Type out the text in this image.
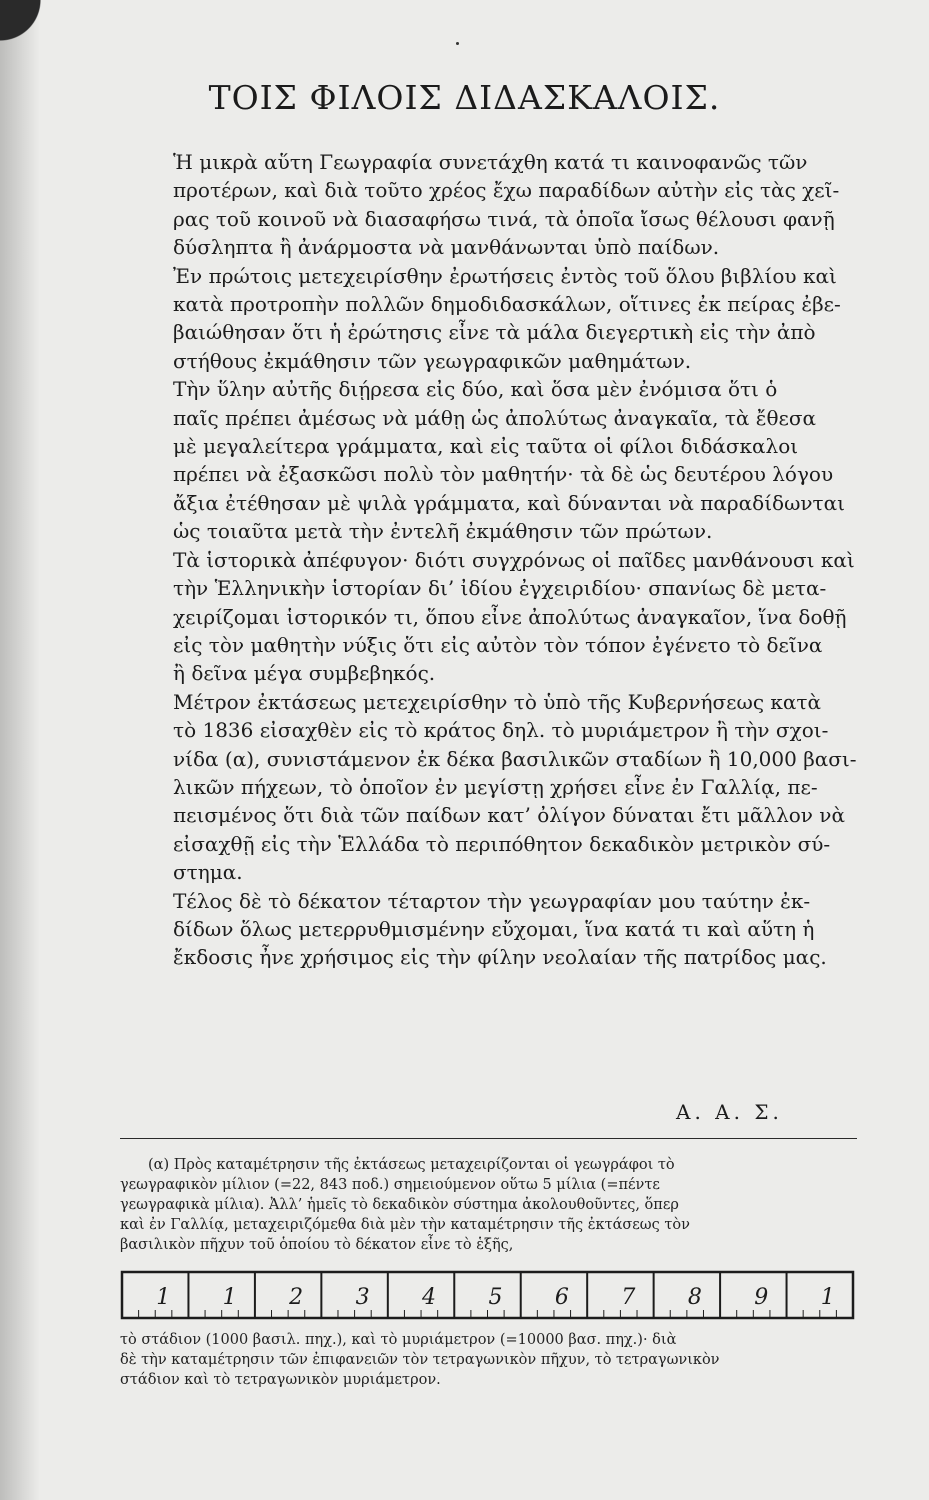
ΤΟΙΣ ΦΙΛΟΙΣ ΔΙΔΑΣΚΑΛΟΙΣ.

Ἡ μικρὰ αὕτη Γεωγραφία συνετάχθη κατά τι καινοφανῶς τῶν
προτέρων, καὶ διὰ τοῦτο χρέος ἔχω παραδίδων αὐτὴν εἰς τὰς χεῖ-
ρας τοῦ κοινοῦ νὰ διασαφήσω τινά, τὰ ὁποῖα ἴσως θέλουσι φανῇ
δύσληπτα ἢ ἀνάρμοστα νὰ μανθάνωνται ὑπὸ παίδων.

Ἐν πρώτοις μετεχειρίσθην ἐρωτήσεις ἐντὸς τοῦ ὅλου βιβλίου καὶ
κατὰ προτροπὴν πολλῶν δημοδιδασκάλων, οἵτινες ἐκ πείρας ἐβε-
βαιώθησαν ὅτι ἡ ἐρώτησις εἶνε τὰ μάλα διεγερτικὴ εἰς τὴν ἀπὸ
στήθους ἐκμάθησιν τῶν γεωγραφικῶν μαθημάτων.

Τὴν ὕλην αὐτῆς διῄρεσα εἰς δύο, καὶ ὅσα μὲν ἐνόμισα ὅτι ὁ
παῖς πρέπει ἀμέσως νὰ μάθῃ ὡς ἀπολύτως ἀναγκαῖα, τὰ ἔθεσα
μὲ μεγαλείτερα γράμματα, καὶ εἰς ταῦτα οἱ φίλοι διδάσκαλοι
πρέπει νὰ ἐξασκῶσι πολὺ τὸν μαθητήν· τὰ δὲ ὡς δευτέρου λόγου
ἄξια ἐτέθησαν μὲ ψιλὰ γράμματα, καὶ δύνανται νὰ παραδίδωνται
ὡς τοιαῦτα μετὰ τὴν ἐντελῆ ἐκμάθησιν τῶν πρώτων.

Τὰ ἱστορικὰ ἀπέφυγον· διότι συγχρόνως οἱ παῖδες μανθάνουσι καὶ
τὴν Ἑλληνικὴν ἱστορίαν δι’ ἰδίου ἐγχειριδίου· σπανίως δὲ μετα-
χειρίζομαι ἱστορικόν τι, ὅπου εἶνε ἀπολύτως ἀναγκαῖον, ἵνα δοθῇ
εἰς τὸν μαθητὴν νύξις ὅτι εἰς αὐτὸν τὸν τόπον ἐγένετο τὸ δεῖνα
ἢ δεῖνα μέγα συμβεβηκός.

Μέτρον ἐκτάσεως μετεχειρίσθην τὸ ὑπὸ τῆς Κυβερνήσεως κατὰ
τὸ 1836 εἰσαχθὲν εἰς τὸ κράτος δηλ. τὸ μυριάμετρον ἢ τὴν σχοι-
νίδα (α), συνιστάμενον ἐκ δέκα βασιλικῶν σταδίων ἢ 10,000 βασι-
λικῶν πήχεων, τὸ ὁποῖον ἐν μεγίστῃ χρήσει εἶνε ἐν Γαλλίᾳ, πε-
πεισμένος ὅτι διὰ τῶν παίδων κατ’ ὀλίγον δύναται ἔτι μᾶλλον νὰ
εἰσαχθῇ εἰς τὴν Ἑλλάδα τὸ περιπόθητον δεκαδικὸν μετρικὸν σύ-
στημα.

Τέλος δὲ τὸ δέκατον τέταρτον τὴν γεωγραφίαν μου ταύτην ἐκ-
δίδων ὅλως μετερρυθμισμένην εὔχομαι, ἵνα κατά τι καὶ αὕτη ἡ
ἔκδοσις ἦνε χρήσιμος εἰς τὴν φίλην νεολαίαν τῆς πατρίδος μας.

Α. Α. Σ.
(α) Πρὸς καταμέτρησιν τῆς ἐκτάσεως μεταχειρίζονται οἱ γεωγράφοι τὸ
γεωγραφικὸν μίλιον (=22, 843 ποδ.) σημειούμενον οὕτω 5 μίλια (=πέντε
γεωγραφικὰ μίλια). Ἀλλ’ ἡμεῖς τὸ δεκαδικὸν σύστημα ἀκολουθοῦντες, ὅπερ
καὶ ἐν Γαλλίᾳ, μεταχειριζόμεθα διὰ μὲν τὴν καταμέτρησιν τῆς ἐκτάσεως τὸν
βασιλικὸν πῆχυν τοῦ ὁποίου τὸ δέκατον εἶνε τὸ ἑξῆς,
1 1 2 3 4 5 6 7 8 9 1
τὸ στάδιον (1000 βασιλ. πηχ.), καὶ τὸ μυριάμετρον (=10000 βασ. πηχ.)· διὰ
δὲ τὴν καταμέτρησιν τῶν ἐπιφανειῶν τὸν τετραγωνικὸν πῆχυν, τὸ τετραγωνικὸν
στάδιον καὶ τὸ τετραγωνικὸν μυριάμετρον.
